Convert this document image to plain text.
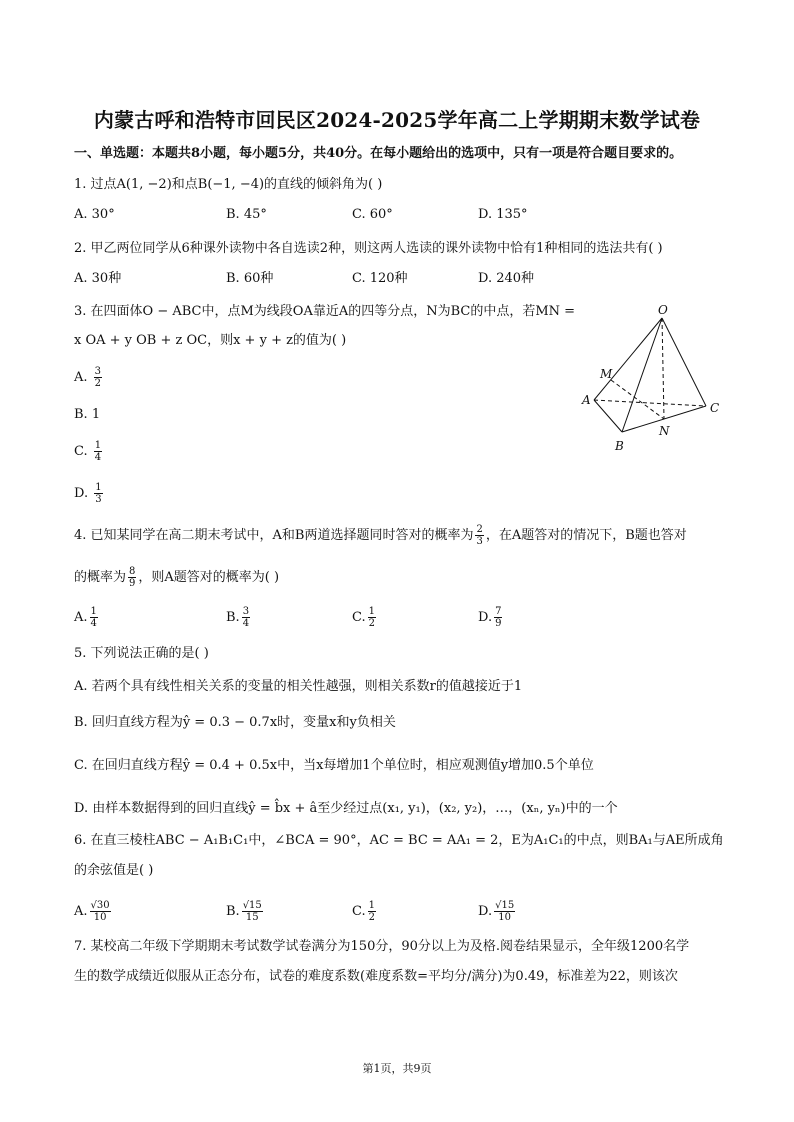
内蒙古呼和浩特市回民区2024-2025学年高二上学期期末数学试卷
一、单选题：本题共8小题，每小题5分，共40分。在每小题给出的选项中，只有一项是符合题目要求的。
1. 过点A(1, −2)和点B(−1, −4)的直线的倾斜角为( )
A. 30°	B. 45°	C. 60°	D. 135°
2. 甲乙两位同学从6种课外读物中各自选读2种，则这两人选读的课外读物中恰有1种相同的选法共有( )
A. 30种	B. 60种	C. 120种	D. 240种
3. 在四面体O − ABC中，点M为线段OA靠近A的四等分点，N为BC的中点，若MN =
x OA + y OB + z OC，则x + y + z的值为( )
A. $\frac{3}{2}$
B. 1
C. $\frac{1}{4}$
D. $\frac{1}{3}$
O
M
A
C
N
B
4. 已知某同学在高二期末考试中，A和B两道选择题同时答对的概率为 $\frac{2}{3}$ ，在A题答对的情况下，B题也答对
的概率为 $\frac{8}{9}$ ，则A题答对的概率为( )
A. $\frac{1}{4}$	B. $\frac{3}{4}$	C. $\frac{1}{2}$	D. $\frac{7}{9}$
5. 下列说法正确的是( )
A. 若两个具有线性相关关系的变量的相关性越强，则相关系数r的值越接近于1
B. 回归直线方程为ŷ = 0.3 − 0.7x时，变量x和y负相关
C. 在回归直线方程ŷ = 0.4 + 0.5x中，当x每增加1个单位时，相应观测值y增加0.5个单位
D. 由样本数据得到的回归直线ŷ = b̂x + â至少经过点(x₁, y₁)，(x₂, y₂)，…，(xₙ, yₙ)中的一个
6. 在直三棱柱ABC − A₁B₁C₁中，∠BCA = 90°，AC = BC = AA₁ = 2，E为A₁C₁的中点，则BA₁与AE所成角
的余弦值是( )
A. $\frac{√30}{10}$	B. $\frac{√15}{15}$	C. $\frac{1}{2}$	D. $\frac{√15}{10}$
7. 某校高二年级下学期期末考试数学试卷满分为150分，90分以上为及格.阅卷结果显示，全年级1200名学
生的数学成绩近似服从正态分布，试卷的难度系数(难度系数=平均分/满分)为0.49，标准差为22，则该次
第1页，共9页
